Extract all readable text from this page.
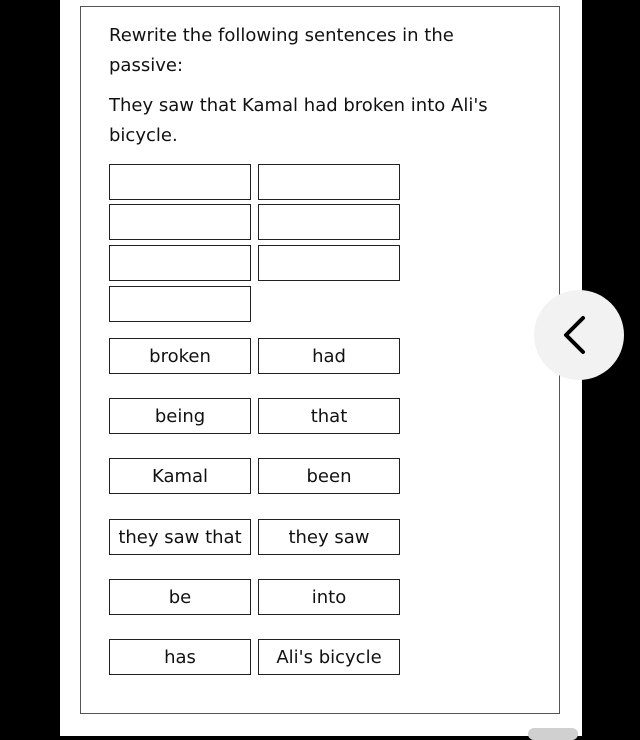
Rewrite the following sentences in the passive:
They saw that Kamal had broken into Ali's bicycle.
broken	had
being	that
Kamal	been
they saw that	they saw
be	into
has	Ali's bicycle
